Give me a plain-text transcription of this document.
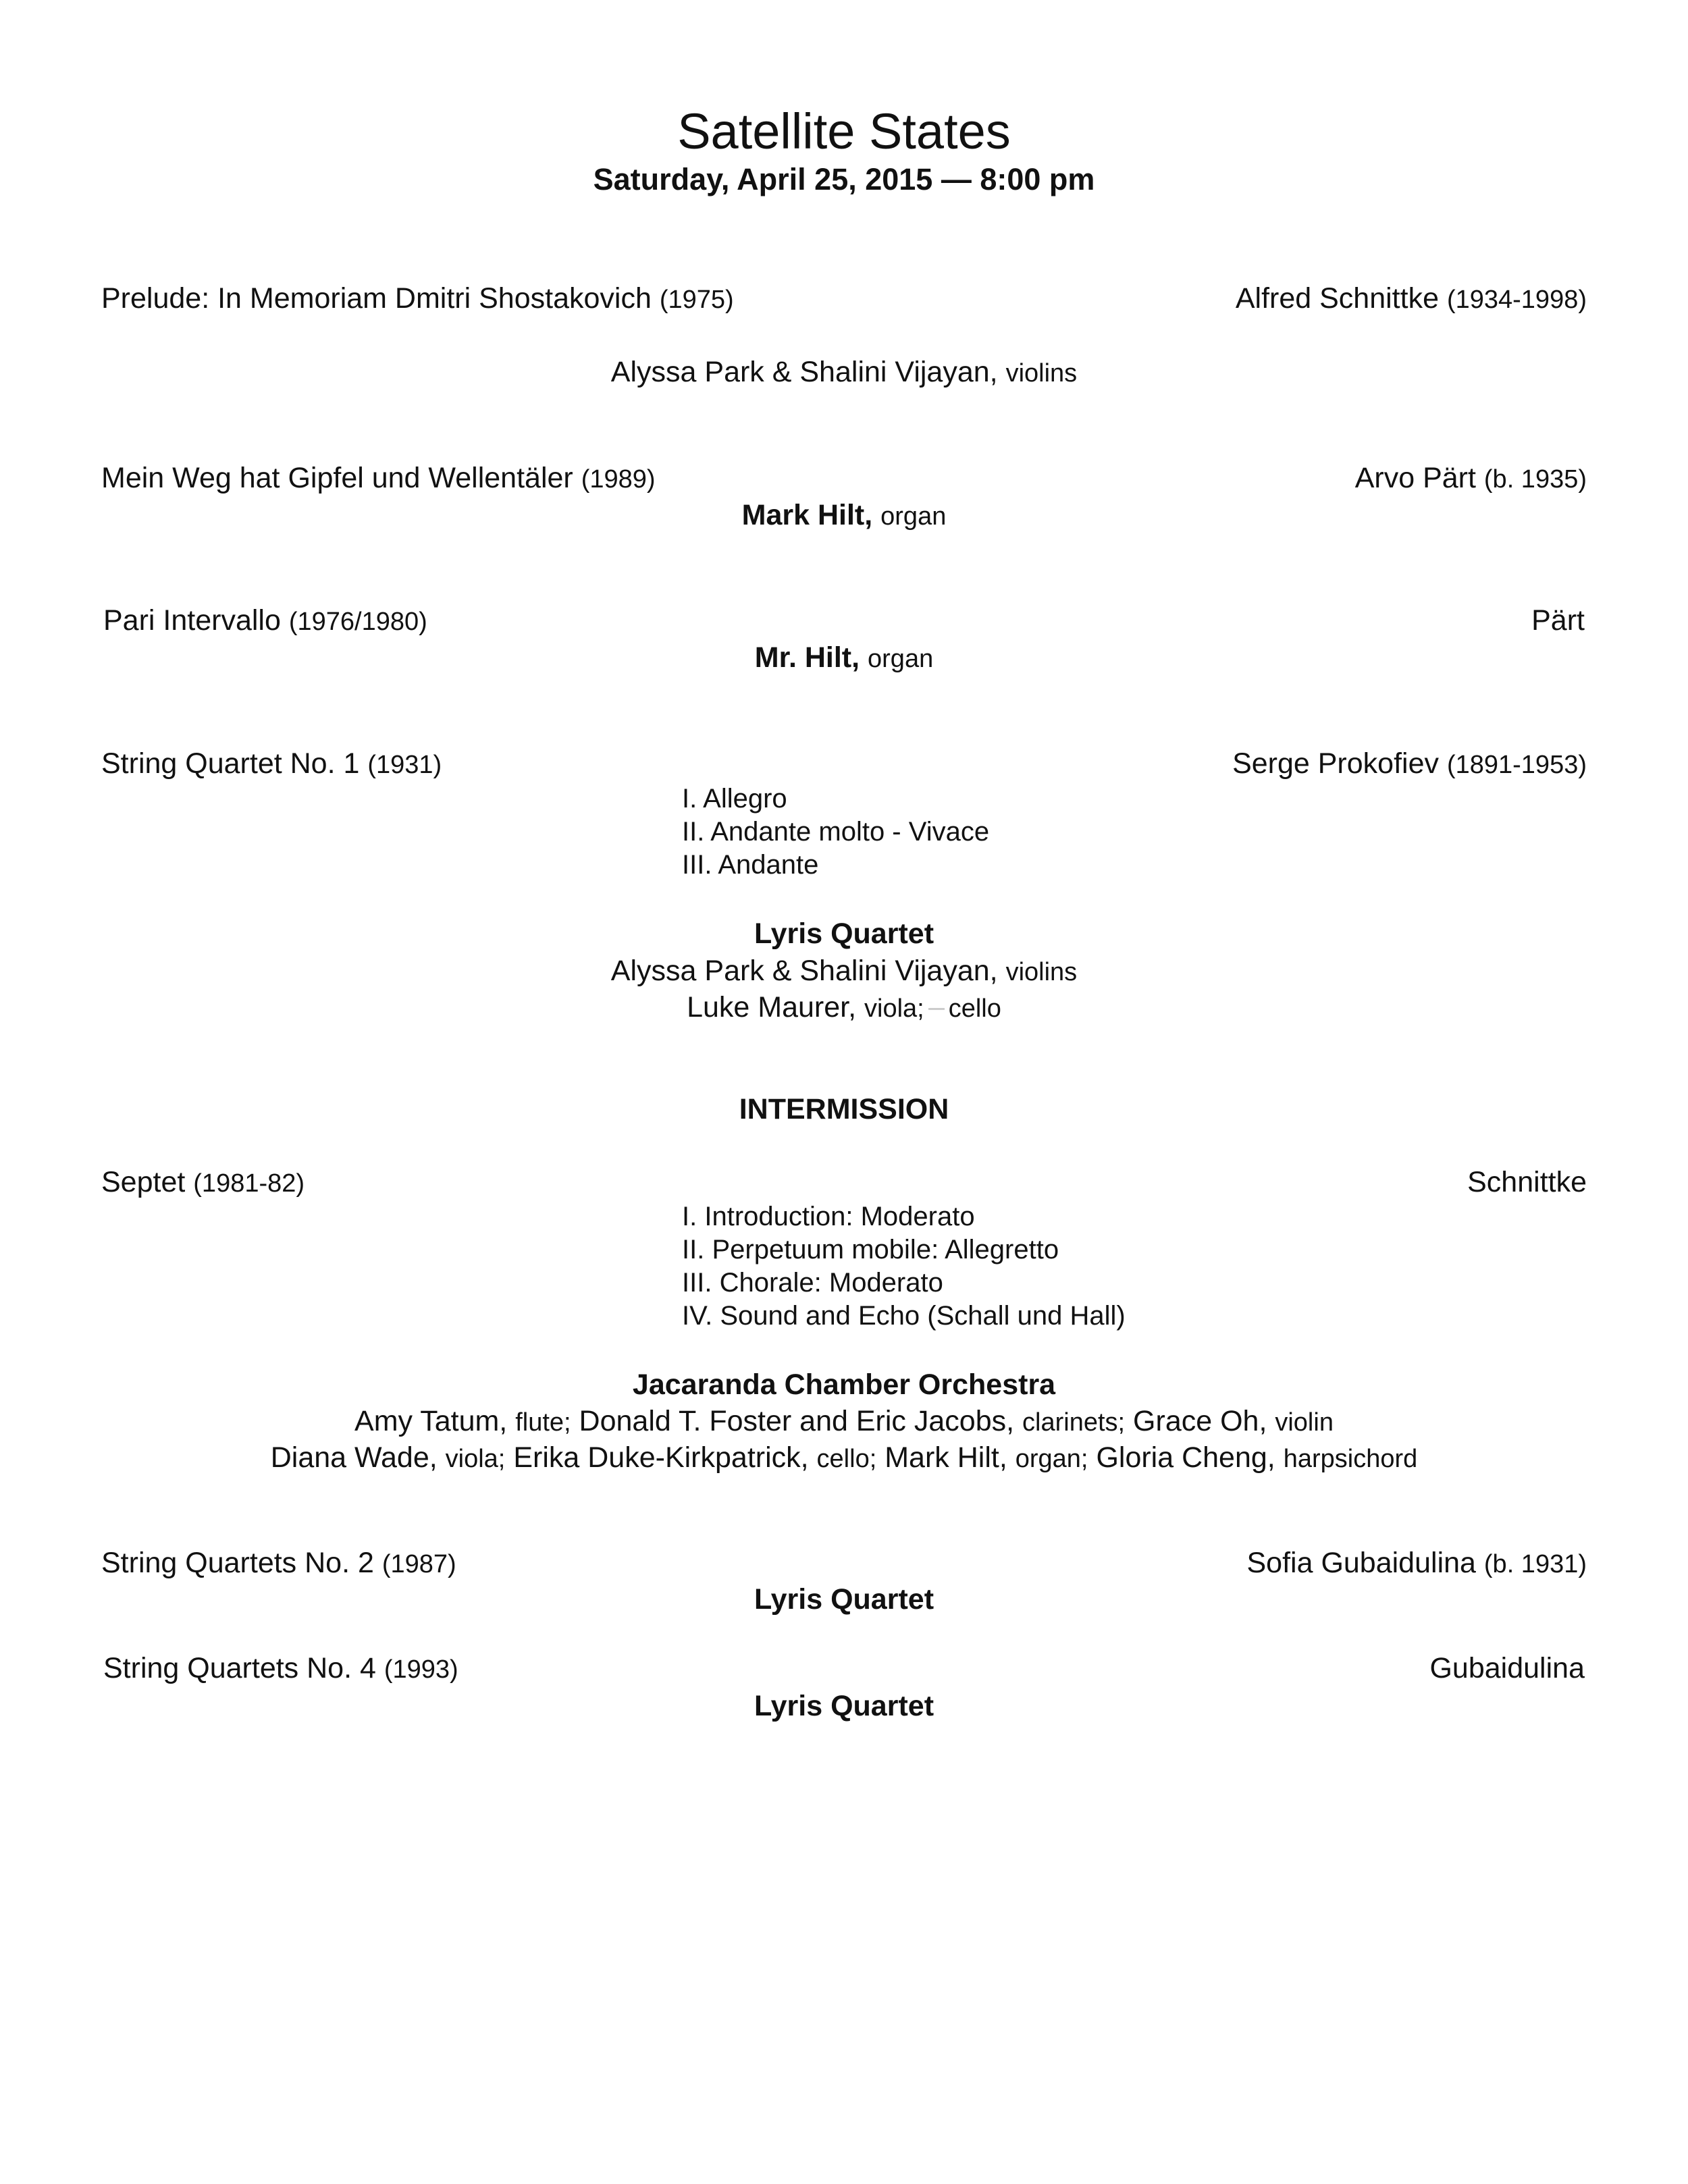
Satellite States
Saturday, April 25, 2015 — 8:00 pm
Prelude: In Memoriam Dmitri Shostakovich (1975)	Alfred Schnittke (1934-1998)
Alyssa Park & Shalini Vijayan, violins
Mein Weg hat Gipfel und Wellentäler (1989)	Arvo Pärt (b. 1935)
Mark Hilt, organ
Pari Intervallo (1976/1980)	Pärt
Mr. Hilt, organ
String Quartet No. 1 (1931)	Serge Prokofiev (1891-1953)
I. Allegro
II. Andante molto - Vivace
III. Andante
Lyris Quartet
Alyssa Park & Shalini Vijayan, violins
Luke Maurer, viola; cello
INTERMISSION
Septet (1981-82)	Schnittke
I. Introduction: Moderato
II. Perpetuum mobile: Allegretto
III. Chorale: Moderato
IV. Sound and Echo (Schall und Hall)
Jacaranda Chamber Orchestra
Amy Tatum, flute; Donald T. Foster and Eric Jacobs, clarinets; Grace Oh, violin
Diana Wade, viola; Erika Duke-Kirkpatrick, cello; Mark Hilt, organ; Gloria Cheng, harpsichord
String Quartets No. 2 (1987)	Sofia Gubaidulina (b. 1931)
Lyris Quartet
String Quartets No. 4 (1993)	Gubaidulina
Lyris Quartet
